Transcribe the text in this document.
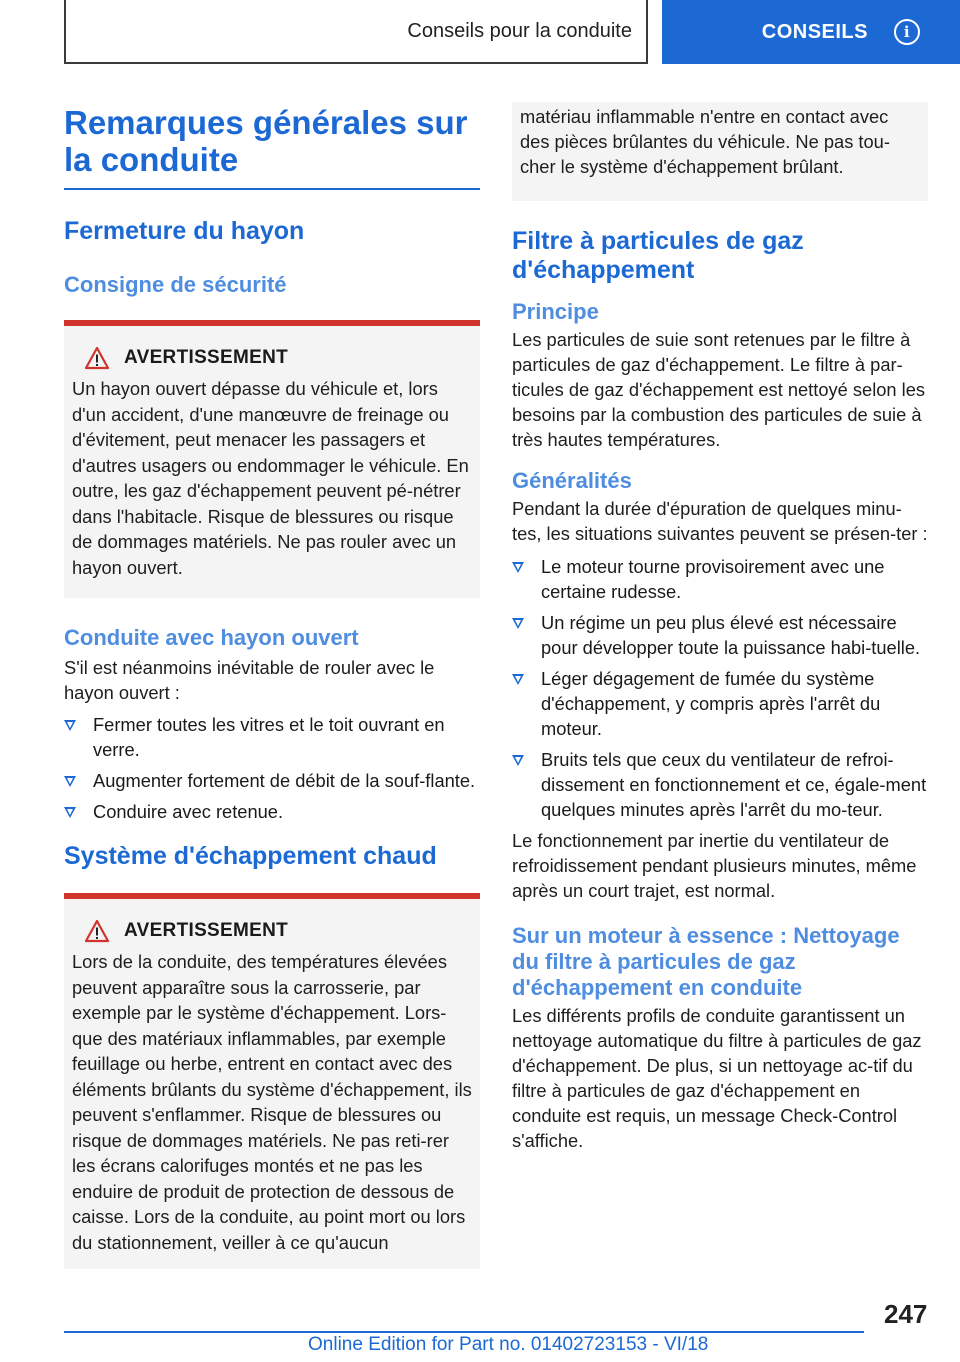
Conseils pour la conduite	CONSEILS i
Remarques générales sur la conduite
Fermeture du hayon
Consigne de sécurité
AVERTISSEMENT

Un hayon ouvert dépasse du véhicule et, lors d'un accident, d'une manœuvre de freinage ou d'évitement, peut menacer les passagers et d'autres usagers ou endommager le véhicule. En outre, les gaz d'échappement peuvent pé-nétrer dans l'habitacle. Risque de blessures ou risque de dommages matériels. Ne pas rouler avec un hayon ouvert.

Conduite avec hayon ouvert

S'il est néanmoins inévitable de rouler avec le hayon ouvert :

Fermer toutes les vitres et le toit ouvrant en verre.
Augmenter fortement de débit de la souf-flante.
Conduire avec retenue.
Système d'échappement chaud
AVERTISSEMENT

Lors de la conduite, des températures élevées peuvent apparaître sous la carrosserie, par exemple par le système d'échappement. Lors-que des matériaux inflammables, par exemple feuillage ou herbe, entrent en contact avec des éléments brûlants du système d'échappement, ils peuvent s'enflammer. Risque de blessures ou risque de dommages matériels. Ne pas reti-rer les écrans calorifuges montés et ne pas les enduire de produit de protection de dessous de caisse. Lors de la conduite, au point mort ou lors du stationnement, veiller à ce qu'aucun

matériau inflammable n'entre en contact avec des pièces brûlantes du véhicule. Ne pas tou-cher le système d'échappement brûlant.

Filtre à particules de gaz d'échappement
Principe

Les particules de suie sont retenues par le filtre à particules de gaz d'échappement. Le filtre à par-ticules de gaz d'échappement est nettoyé selon les besoins par la combustion des particules de suie à très hautes températures.

Généralités

Pendant la durée d'épuration de quelques minu-tes, les situations suivantes peuvent se présen-ter :

Le moteur tourne provisoirement avec une certaine rudesse.
Un régime un peu plus élevé est nécessaire pour développer toute la puissance habi-tuelle.
Léger dégagement de fumée du système d'échappement, y compris après l'arrêt du moteur.
Bruits tels que ceux du ventilateur de refroi-dissement en fonctionnement et ce, égale-ment quelques minutes après l'arrêt du mo-teur.

Le fonctionnement par inertie du ventilateur de refroidissement pendant plusieurs minutes, même après un court trajet, est normal.

Sur un moteur à essence : Nettoyage du filtre à particules de gaz d'échappement en conduite

Les différents profils de conduite garantissent un nettoyage automatique du filtre à particules de gaz d'échappement. De plus, si un nettoyage ac-tif du filtre à particules de gaz d'échappement en conduite est requis, un message Check-Control s'affiche.

247
Online Edition for Part no. 01402723153 - VI/18
